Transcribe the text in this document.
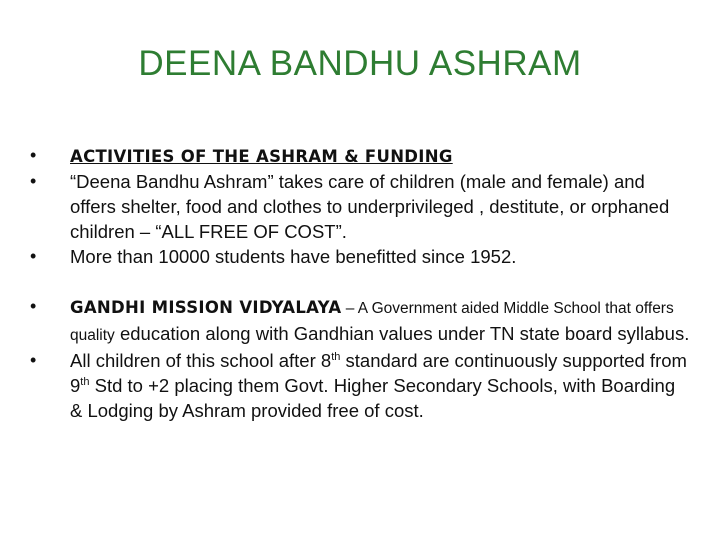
DEENA BANDHU ASHRAM
• ACTIVITIES OF THE ASHRAM & FUNDING
• “Deena Bandhu Ashram” takes care of children (male and female) and offers shelter, food and clothes to underprivileged , destitute, or orphaned children – “ALL FREE OF COST”.
• More than 10000 students have benefitted since 1952.
• GANDHI MISSION VIDYALAYA – A Government aided Middle School that offers quality education along with Gandhian values under TN state board syllabus.
• All children of this school after 8th standard are continuously supported from 9th Std to +2 placing them Govt. Higher Secondary Schools, with Boarding & Lodging by Ashram provided free of cost.
